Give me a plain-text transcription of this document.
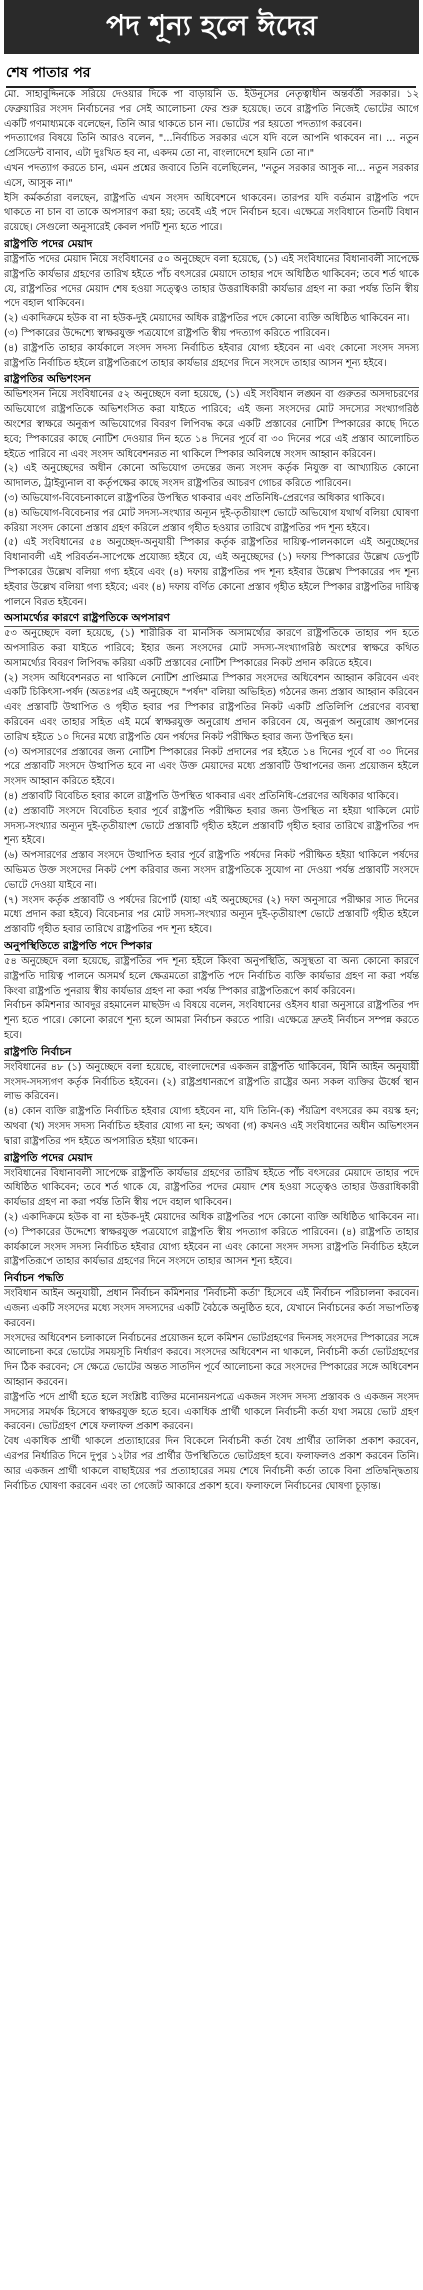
পদ শূন্য হলে ঈদের
শেষ পাতার পর
মো. সাহাবুদ্দিনকে সরিয়ে দেওয়ার দিকে পা বাড়ায়নি ড. ইউনূসের নেতৃত্বাধীন অন্তর্বর্তী সরকার। ১২ ফেব্রুয়ারির সংসদ নির্বাচনের পর সেই আলোচনা ফের শুরু হয়েছে। তবে রাষ্ট্রপতি নিজেই ভোটের আগে একটি গণমাধ্যমকে বলেছেন, তিনি আর থাকতে চান না। ভোটের পর হয়তো পদত্যাগ করবেন।
পদত্যাগের বিষয়ে তিনি আরও বলেন, "...নির্বাচিত সরকার এসে যদি বলে আপনি থাকবেন না। ... নতুন প্রেসিডেন্ট বানাব, এটা দুঃখিত হব না, একদম তো না, বাংলাদেশে হয়নি তো না।"
এখন পদত্যাগ করতে চান, এমন প্রশ্নের জবাবে তিনি বলেছিলেন, "নতুন সরকার আসুক না... নতুন সরকার এসে, আসুক না।"
ইসি কর্মকর্তারা বলছেন, রাষ্ট্রপতি এখন সংসদ অধিবেশনে থাকবেন। তারপর যদি বর্তমান রাষ্ট্রপতি পদে থাকতে না চান বা তাকে অপসারণ করা হয়; তবেই এই পদে নির্বাচন হবে। এক্ষেত্রে সংবিধানে তিনটি বিধান রয়েছে। সেগুলো অনুসারেই কেবল পদটি শূন্য হতে পারে।
রাষ্ট্রপতি পদের মেয়াদ
রাষ্ট্রপতি পদের মেয়াদ নিয়ে সংবিধানের ৫০ অনুচ্ছেদে বলা হয়েছে, (১) এই সংবিধানের বিধানাবলী সাপেক্ষে রাষ্ট্রপতি কার্যভার গ্রহণের তারিখ হইতে পাঁচ বৎসরের মেয়াদে তাহার পদে অধিষ্ঠিত থাকিবেন; তবে শর্ত থাকে যে, রাষ্ট্রপতির পদের মেয়াদ শেষ হওয়া সত্ত্বেও তাহার উত্তরাধিকারী কার্যভার গ্রহণ না করা পর্যন্ত তিনি স্বীয় পদে বহাল থাকিবেন।
(২) একাদিক্রমে হউক বা না হউক-দুই মেয়াদের অধিক রাষ্ট্রপতির পদে কোনো ব্যক্তি অধিষ্ঠিত থাকিবেন না।
(৩) স্পিকারের উদ্দেশ্যে স্বাক্ষরযুক্ত পত্রযোগে রাষ্ট্রপতি স্বীয় পদত্যাগ করিতে পারিবেন।
(৪) রাষ্ট্রপতি তাহার কার্যকালে সংসদ সদস্য নির্বাচিত হইবার যোগ্য হইবেন না এবং কোনো সংসদ সদস্য রাষ্ট্রপতি নির্বাচিত হইলে রাষ্ট্রপতিরূপে তাহার কার্যভার গ্রহণের দিনে সংসদে তাহার আসন শূন্য হইবে।
রাষ্ট্রপতির অভিশংসন
অভিশংসন নিয়ে সংবিধানের ৫২ অনুচ্ছেদে বলা হয়েছে, (১) এই সংবিধান লঙ্ঘন বা গুরুতর অসদাচরণের অভিযোগে রাষ্ট্রপতিকে অভিশংসিত করা যাইতে পারিবে; এই জন্য সংসদের মোট সদস্যের সংখ্যাগরিষ্ঠ অংশের স্বাক্ষরে অনুরূপ অভিযোগের বিবরণ লিপিবদ্ধ করে একটি প্রস্তাবের নোটিশ স্পিকারের কাছে দিতে হবে; স্পিকারের কাছে নোটিশ দেওয়ার দিন হতে ১৪ দিনের পূর্বে বা ৩০ দিনের পরে এই প্রস্তাব আলোচিত হইতে পারিবে না এবং সংসদ অধিবেশনরত না থাকিলে স্পিকার অবিলম্বে সংসদ আহ্বান করিবেন।
(২) এই অনুচ্ছেদের অধীন কোনো অভিযোগ তদন্তের জন্য সংসদ কর্তৃক নিযুক্ত বা আখ্যায়িত কোনো আদালত, ট্রাইব্যুনাল বা কর্তৃপক্ষের কাছে সংসদ রাষ্ট্রপতির আচরণ গোচর করিতে পারিবেন।
(৩) অভিযোগ-বিবেচনাকালে রাষ্ট্রপতির উপস্থিত থাকবার এবং প্রতিনিধি-প্রেরণের অধিকার থাকিবে।
(৪) অভিযোগ-বিবেচনার পর মোট সদস্য-সংখ্যার অন্যূন দুই-তৃতীয়াংশ ভোটে অভিযোগ যথার্থ বলিয়া ঘোষণা করিয়া সংসদ কোনো প্রস্তাব গ্রহণ করিলে প্রস্তাব গৃহীত হওয়ার তারিখে রাষ্ট্রপতির পদ শূন্য হইবে।
(৫) এই সংবিধানের ৫৪ অনুচ্ছেদ-অনুযায়ী স্পিকার কর্তৃক রাষ্ট্রপতির দায়িত্ব-পালনকালে এই অনুচ্ছেদের বিধানাবলী এই পরিবর্তন-সাপেক্ষে প্রযোজ্য হইবে যে, এই অনুচ্ছেদের (১) দফায় স্পিকারের উল্লেখ ডেপুটি স্পিকারের উল্লেখ বলিয়া গণ্য হইবে এবং (৪) দফায় রাষ্ট্রপতির পদ শূন্য হইবার উল্লেখ স্পিকারের পদ শূন্য হইবার উল্লেখ বলিয়া গণ্য হইবে; এবং (৪) দফায় বর্ণিত কোনো প্রস্তাব গৃহীত হইলে স্পিকার রাষ্ট্রপতির দায়িত্ব পালনে বিরত হইবেন।
অসামর্থ্যের কারণে রাষ্ট্রপতিকে অপসারণ
৫৩ অনুচ্ছেদে বলা হয়েছে, (১) শারীরিক বা মানসিক অসামর্থ্যের কারণে রাষ্ট্রপতিকে তাহার পদ হতে অপসারিত করা যাইতে পারিবে; ইহার জন্য সংসদের মোট সদস্য-সংখ্যাগরিষ্ঠ অংশের স্বাক্ষরে কথিত অসামর্থ্যের বিবরণ লিপিবদ্ধ করিয়া একটি প্রস্তাবের নোটিশ স্পিকারের নিকট প্রদান করিতে হইবে।
(২) সংসদ অধিবেশনরত না থাকিলে নোটিশ প্রাপ্তিমাত্র স্পিকার সংসদের অধিবেশন আহ্বান করিবেন এবং একটি চিকিৎসা-পর্ষদ (অতঃপর এই অনুচ্ছেদে "পর্ষদ" বলিয়া অভিহিত) গঠনের জন্য প্রস্তাব আহ্বান করিবেন এবং প্রস্তাবটি উত্থাপিত ও গৃহীত হবার পর স্পিকার রাষ্ট্রপতির নিকট একটি প্রতিলিপি প্রেরণের ব্যবস্থা করিবেন এবং তাহার সহিত এই মর্মে স্বাক্ষরযুক্ত অনুরোধ প্রদান করিবেন যে, অনুরূপ অনুরোধ জ্ঞাপনের তারিখ হইতে ১০ দিনের মধ্যে রাষ্ট্রপতি যেন পর্ষদের নিকট পরীক্ষিত হবার জন্য উপস্থিত হন।
(৩) অপসারণের প্রস্তাবের জন্য নোটিশ স্পিকারের নিকট প্রদানের পর হইতে ১৪ দিনের পূর্বে বা ৩০ দিনের পরে প্রস্তাবটি সংসদে উত্থাপিত হবে না এবং উক্ত মেয়াদের মধ্যে প্রস্তাবটি উত্থাপনের জন্য প্রয়োজন হইলে সংসদ আহ্বান করিতে হইবে।
(৪) প্রস্তাবটি বিবেচিত হবার কালে রাষ্ট্রপতি উপস্থিত থাকবার এবং প্রতিনিধি-প্রেরণের অধিকার থাকিবে।
(৫) প্রস্তাবটি সংসদে বিবেচিত হবার পূর্বে রাষ্ট্রপতি পরীক্ষিত হবার জন্য উপস্থিত না হইয়া থাকিলে মোট সদস্য-সংখ্যার অন্যূন দুই-তৃতীয়াংশ ভোটে প্রস্তাবটি গৃহীত হইলে প্রস্তাবটি গৃহীত হবার তারিখে রাষ্ট্রপতির পদ শূন্য হইবে।
(৬) অপসারণের প্রস্তাব সংসদে উত্থাপিত হবার পূর্বে রাষ্ট্রপতি পর্ষদের নিকট পরীক্ষিত হইয়া থাকিলে পর্ষদের অভিমত উক্ত সংসদের নিকট পেশ করিবার জন্য সংসদ রাষ্ট্রপতিকে সুযোগ না দেওয়া পর্যন্ত প্রস্তাবটি সংসদে ভোটে দেওয়া যাইবে না।
(৭) সংসদ কর্তৃক প্রস্তাবটি ও পর্ষদের রিপোর্ট (যাহা এই অনুচ্ছেদের (২) দফা অনুসারে পরীক্ষার সাত দিনের মধ্যে প্রদান করা হইবে) বিবেচনার পর মোট সদস্য-সংখ্যার অন্যূন দুই-তৃতীয়াংশ ভোটে প্রস্তাবটি গৃহীত হইলে প্রস্তাবটি গৃহীত হবার তারিখে রাষ্ট্রপতির পদ শূন্য হইবে।
অনুপস্থিতিতে রাষ্ট্রপতি পদে স্পিকার
৫৪ অনুচ্ছেদে বলা হয়েছে, রাষ্ট্রপতির পদ শূন্য হইলে কিংবা অনুপস্থিতি, অসুস্থতা বা অন্য কোনো কারণে রাষ্ট্রপতি দায়িত্ব পালনে অসমর্থ হলে ক্ষেত্রমতো রাষ্ট্রপতি পদে নির্বাচিত ব্যক্তি কার্যভার গ্রহণ না করা পর্যন্ত কিংবা রাষ্ট্রপতি পুনরায় স্বীয় কার্যভার গ্রহণ না করা পর্যন্ত স্পিকার রাষ্ট্রপতিরূপে কার্য করিবেন।
নির্বাচন কমিশনার আবদুর রহমানেল মাছউদ এ বিষয়ে বলেন, সংবিধানের ওইসব ধারা অনুসারে রাষ্ট্রপতির পদ শূন্য হতে পারে। কোনো কারণে শূন্য হলে আমরা নির্বাচন করতে পারি। এক্ষেত্রে দ্রুতই নির্বাচন সম্পন্ন করতে হবে।
রাষ্ট্রপতি নির্বাচন
সংবিধানের ৪৮ (১) অনুচ্ছেদে বলা হয়েছে, বাংলাদেশের একজন রাষ্ট্রপতি থাকিবেন, যিনি আইন অনুযায়ী সংসদ-সদস্যগণ কর্তৃক নির্বাচিত হইবেন। (২) রাষ্ট্রপ্রধানরূপে রাষ্ট্রপতি রাষ্ট্রের অন্য সকল ব্যক্তির ঊর্ধ্বে স্থান লাভ করিবেন।
(৪) কোন ব্যক্তি রাষ্ট্রপতি নির্বাচিত হইবার যোগ্য হইবেন না, যদি তিনি-(ক) পঁয়ত্রিশ বৎসরের কম বয়স্ক হন; অথবা (খ) সংসদ সদস্য নির্বাচিত হইবার যোগ্য না হন; অথবা (গ) কখনও এই সংবিধানের অধীন অভিশংসন দ্বারা রাষ্ট্রপতির পদ হইতে অপসারিত হইয়া থাকেন।
রাষ্ট্রপতি পদের মেয়াদ
সংবিধানের বিধানাবলী সাপেক্ষে রাষ্ট্রপতি কার্যভার গ্রহণের তারিখ হইতে পাঁচ বৎসরের মেয়াদে তাহার পদে অধিষ্ঠিত থাকিবেন; তবে শর্ত থাকে যে, রাষ্ট্রপতির পদের মেয়াদ শেষ হওয়া সত্ত্বেও তাহার উত্তরাধিকারী কার্যভার গ্রহণ না করা পর্যন্ত তিনি স্বীয় পদে বহাল থাকিবেন।
(২) একাদিক্রমে হউক বা না হউক-দুই মেয়াদের অধিক রাষ্ট্রপতির পদে কোনো ব্যক্তি অধিষ্ঠিত থাকিবেন না। (৩) স্পিকারের উদ্দেশ্যে স্বাক্ষরযুক্ত পত্রযোগে রাষ্ট্রপতি স্বীয় পদত্যাগ করিতে পারিবেন। (৪) রাষ্ট্রপতি তাহার কার্যকালে সংসদ সদস্য নির্বাচিত হইবার যোগ্য হইবেন না এবং কোনো সংসদ সদস্য রাষ্ট্রপতি নির্বাচিত হইলে রাষ্ট্রপতিরূপে তাহার কার্যভার গ্রহণের দিনে সংসদে তাহার আসন শূন্য হইবে।
নির্বাচন পদ্ধতি
সংবিধান আইন অনুযায়ী, প্রধান নির্বাচন কমিশনার 'নির্বাচনী কর্তা' হিসেবে এই নির্বাচন পরিচালনা করবেন। এজন্য একটি সংসদের মধ্যে সংসদ সদস্যদের একটি বৈঠকে অনুষ্ঠিত হবে, যেখানে নির্বাচনের কর্তা সভাপতিত্ব করবেন।
সংসদের অধিবেশন চলাকালে নির্বাচনের প্রয়োজন হলে কমিশন ভোটগ্রহণের দিনসহ সংসদের স্পিকারের সঙ্গে আলোচনা করে ভোটের সময়সূচি নির্ধারণ করবে। সংসদের অধিবেশন না থাকলে, নির্বাচনী কর্তা ভোটগ্রহণের দিন ঠিক করবেন; সে ক্ষেত্রে ভোটের অন্তত সাতদিন পূর্বে আলোচনা করে সংসদের স্পিকারের সঙ্গে অধিবেশন আহ্বান করবেন।
রাষ্ট্রপতি পদে প্রার্থী হতে হলে সংশ্লিষ্ট ব্যক্তির মনোনয়নপত্রে একজন সংসদ সদস্য প্রস্তাবক ও একজন সংসদ সদস্যের সমর্থক হিসেবে স্বাক্ষরযুক্ত হতে হবে। একাধিক প্রার্থী থাকলে নির্বাচনী কর্তা যথা সময়ে ভোট গ্রহণ করবেন। ভোটগ্রহণ শেষে ফলাফল প্রকাশ করবেন।
বৈধ একাধিক প্রার্থী থাকলে প্রত্যাহারের দিন বিকেলে নির্বাচনী কর্তা বৈধ প্রার্থীর তালিকা প্রকাশ করবেন, এরপর নির্ধারিত দিনে দুপুর ১২টার পর প্রার্থীর উপস্থিতিতে ভোটগ্রহণ হবে। ফলাফলও প্রকাশ করবেন তিনি। আর একজন প্রার্থী থাকলে বাছাইয়ের পর প্রত্যাহারের সময় শেষে নির্বাচনী কর্তা তাকে বিনা প্রতিদ্বন্দ্বিতায় নির্বাচিত ঘোষণা করবেন এবং তা গেজেট আকারে প্রকাশ হবে। ফলাফলে নির্বাচনের ঘোষণা চূড়ান্ত।
